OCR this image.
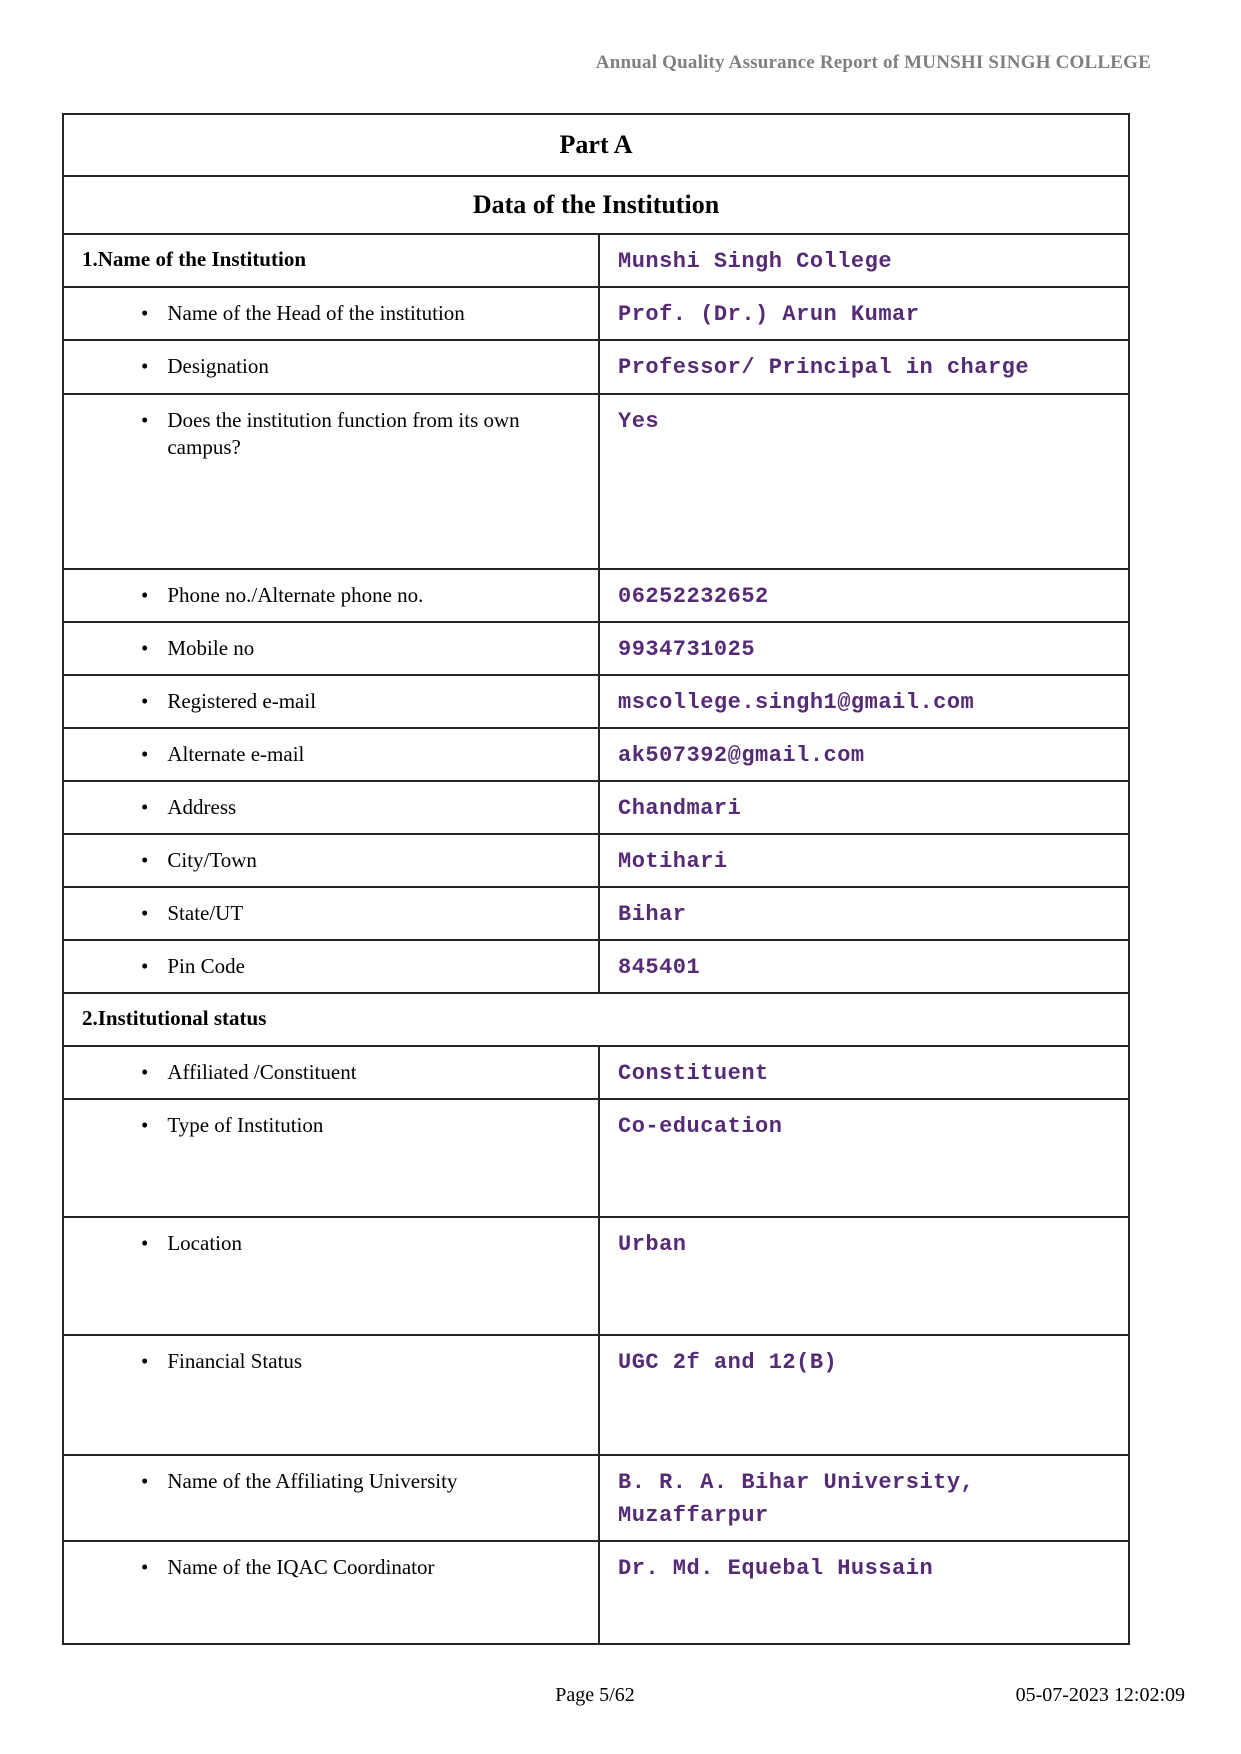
Annual Quality Assurance Report of MUNSHI SINGH COLLEGE
Part A	
Data of the Institution	

1.Name of the Institution	Munshi Singh College

•
Name of the Head of the institution	Prof. (Dr.) Arun Kumar

•
Designation	Professor/ Principal in charge

•
Does the institution function from its own campus?	Yes

•
Phone no./Alternate phone no.	06252232652

•
Mobile no	9934731025

•
Registered e-mail	mscollege.singh1@gmail.com

•
Alternate e-mail	ak507392@gmail.com

•
Address	Chandmari

•
City/Town	Motihari

•
State/UT	Bihar

•
Pin Code	845401

2.Institutional status	

•
Affiliated /Constituent	Constituent

•
Type of Institution	Co-education

•
Location	Urban

•
Financial Status	UGC 2f and 12(B)

•
Name of the Affiliating University	B. R. A. Bihar University, Muzaffarpur

•
Name of the IQAC Coordinator	Dr. Md. Equebal Hussain
Page 5/62	05-07-2023 12:02:09
